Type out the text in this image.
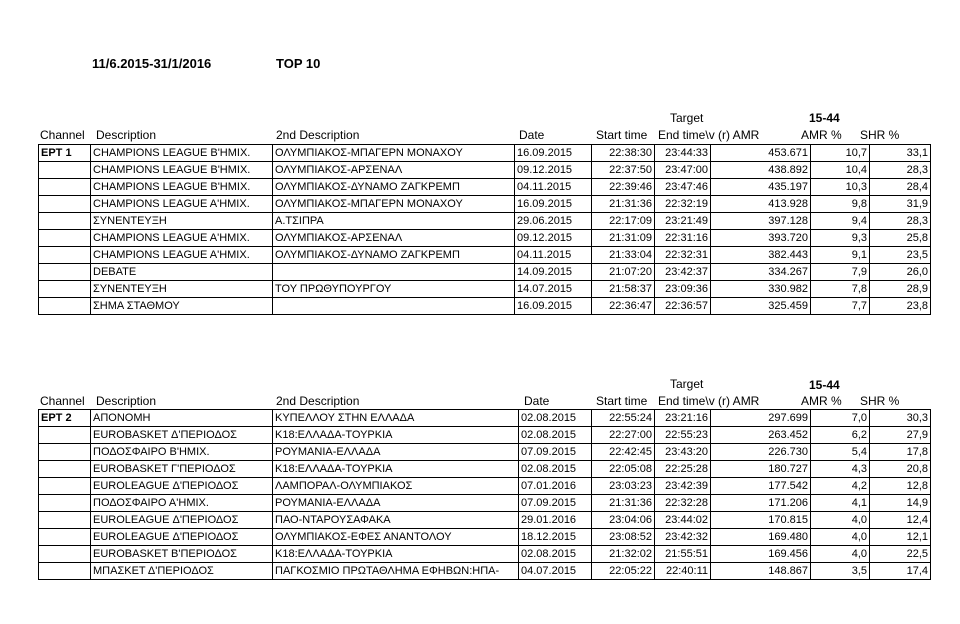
11/6.2015-31/1/2016	TOP 10
Target	15-44
Channel Description	2nd Description	Date	Start time End time\v (r) AMR	AMR % SHR %
EPT 1	CHAMPIONS LEAGUE B'HMIX.	ΟΛΥΜΠΙΑΚΟΣ-ΜΠΑΓΕΡΝ ΜΟΝΑΧΟΥ	16.09.2015	22:38:30	23:44:33	453.671	10,7	33,1
	CHAMPIONS LEAGUE B'HMIX.	ΟΛΥΜΠΙΑΚΟΣ-ΑΡΣΕΝΑΛ	09.12.2015	22:37:50	23:47:00	438.892	10,4	28,3
	CHAMPIONS LEAGUE B'HMIX.	ΟΛΥΜΠΙΑΚΟΣ-ΔΥΝΑΜΟ ΖΑΓΚΡΕΜΠ	04.11.2015	22:39:46	23:47:46	435.197	10,3	28,4
	CHAMPIONS LEAGUE A'HMIX.	ΟΛΥΜΠΙΑΚΟΣ-ΜΠΑΓΕΡΝ ΜΟΝΑΧΟΥ	16.09.2015	21:31:36	22:32:19	413.928	9,8	31,9
	ΣΥΝΕΝΤΕΥΞΗ	Α.ΤΣΙΠΡΑ	29.06.2015	22:17:09	23:21:49	397.128	9,4	28,3
	CHAMPIONS LEAGUE A'HMIX.	ΟΛΥΜΠΙΑΚΟΣ-ΑΡΣΕΝΑΛ	09.12.2015	21:31:09	22:31:16	393.720	9,3	25,8
	CHAMPIONS LEAGUE A'HMIX.	ΟΛΥΜΠΙΑΚΟΣ-ΔΥΝΑΜΟ ΖΑΓΚΡΕΜΠ	04.11.2015	21:33:04	22:32:31	382.443	9,1	23,5
	DEBATE		14.09.2015	21:07:20	23:42:37	334.267	7,9	26,0
	ΣΥΝΕΝΤΕΥΞΗ	ΤΟΥ ΠΡΩΘΥΠΟΥΡΓΟΥ	14.07.2015	21:58:37	23:09:36	330.982	7,8	28,9
	ΣΗΜΑ ΣΤΑΘΜΟΥ		16.09.2015	22:36:47	22:36:57	325.459	7,7	23,8
Target	15-44
Channel Description	2nd Description	Date	Start time End time\v (r) AMR	AMR % SHR %
EPT 2	ΑΠΟΝΟΜΗ	ΚΥΠΕΛΛΟΥ ΣΤΗΝ ΕΛΛΑΔΑ	02.08.2015	22:55:24	23:21:16	297.699	7,0	30,3
	EUROBASKET Δ'ΠΕΡΙΟΔΟΣ	Κ18:ΕΛΛΑΔΑ-ΤΟΥΡΚΙΑ	02.08.2015	22:27:00	22:55:23	263.452	6,2	27,9
	ΠΟΔΟΣΦΑΙΡΟ Β'ΗΜΙΧ.	ΡΟΥΜΑΝΙΑ-ΕΛΛΑΔΑ	07.09.2015	22:42:45	23:43:20	226.730	5,4	17,8
	EUROBASKET Γ'ΠΕΡΙΟΔΟΣ	Κ18:ΕΛΛΑΔΑ-ΤΟΥΡΚΙΑ	02.08.2015	22:05:08	22:25:28	180.727	4,3	20,8
	EUROLEAGUE Δ'ΠΕΡΙΟΔΟΣ	ΛΑΜΠΟΡΑΛ-ΟΛΥΜΠΙΑΚΟΣ	07.01.2016	23:03:23	23:42:39	177.542	4,2	12,8
	ΠΟΔΟΣΦΑΙΡΟ Α'ΗΜΙΧ.	ΡΟΥΜΑΝΙΑ-ΕΛΛΑΔΑ	07.09.2015	21:31:36	22:32:28	171.206	4,1	14,9
	EUROLEAGUE Δ'ΠΕΡΙΟΔΟΣ	ΠΑΟ-ΝΤΑΡΟΥΣΑΦΑΚΑ	29.01.2016	23:04:06	23:44:02	170.815	4,0	12,4
	EUROLEAGUE Δ'ΠΕΡΙΟΔΟΣ	ΟΛΥΜΠΙΑΚΟΣ-ΕΦΕΣ ΑΝΑΝΤΟΛΟΥ	18.12.2015	23:08:52	23:42:32	169.480	4,0	12,1
	EUROBASKET Β'ΠΕΡΙΟΔΟΣ	Κ18:ΕΛΛΑΔΑ-ΤΟΥΡΚΙΑ	02.08.2015	21:32:02	21:55:51	169.456	4,0	22,5
	ΜΠΑΣΚΕΤ Δ'ΠΕΡΙΟΔΟΣ	ΠΑΓΚΟΣΜΙΟ ΠΡΩΤΑΘΛΗΜΑ ΕΦΗΒΩΝ:ΗΠΑ-	04.07.2015	22:05:22	22:40:11	148.867	3,5	17,4
